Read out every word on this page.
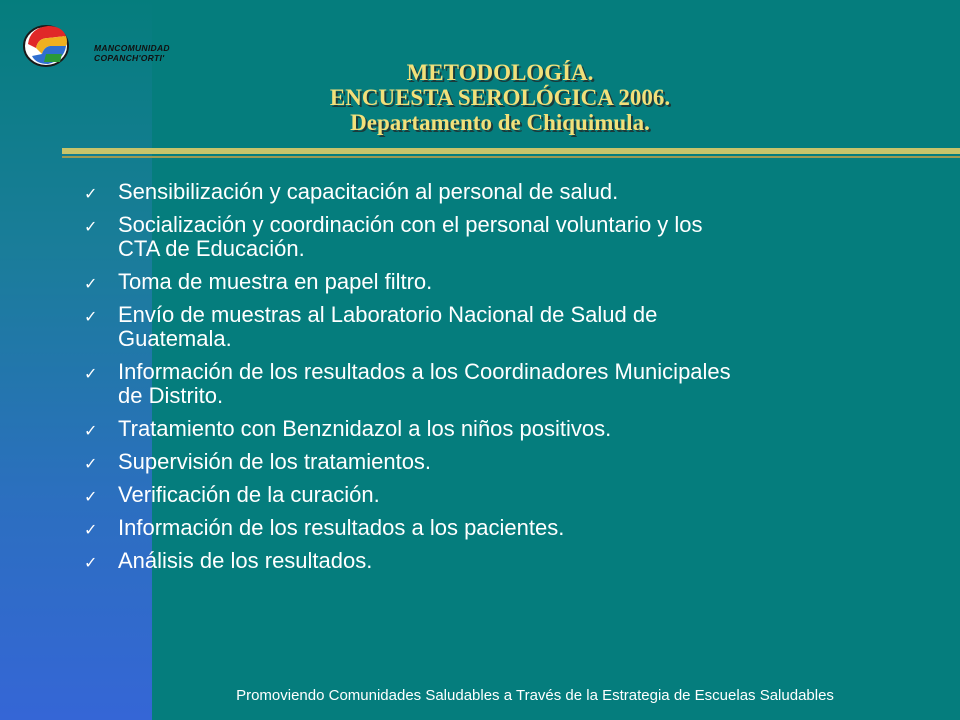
MANCOMUNIDAD
COPANCH'ORTI'
METODOLOGÍA.
ENCUESTA SEROLÓGICA 2006.
Departamento de Chiquimula.
✓ Sensibilización y capacitación al personal de salud.
✓ Socialización y coordinación con el personal voluntario y los
CTA de Educación.
✓ Toma de muestra en papel filtro.
✓ Envío de muestras al Laboratorio Nacional de Salud de
Guatemala.
✓ Información de los resultados a los Coordinadores Municipales
de Distrito.
✓ Tratamiento con Benznidazol a los niños positivos.
✓ Supervisión de los tratamientos.
✓ Verificación de la curación.
✓ Información de los resultados a los pacientes.
✓ Análisis de los resultados.
Promoviendo Comunidades Saludables a Través de la Estrategia de Escuelas Saludables
